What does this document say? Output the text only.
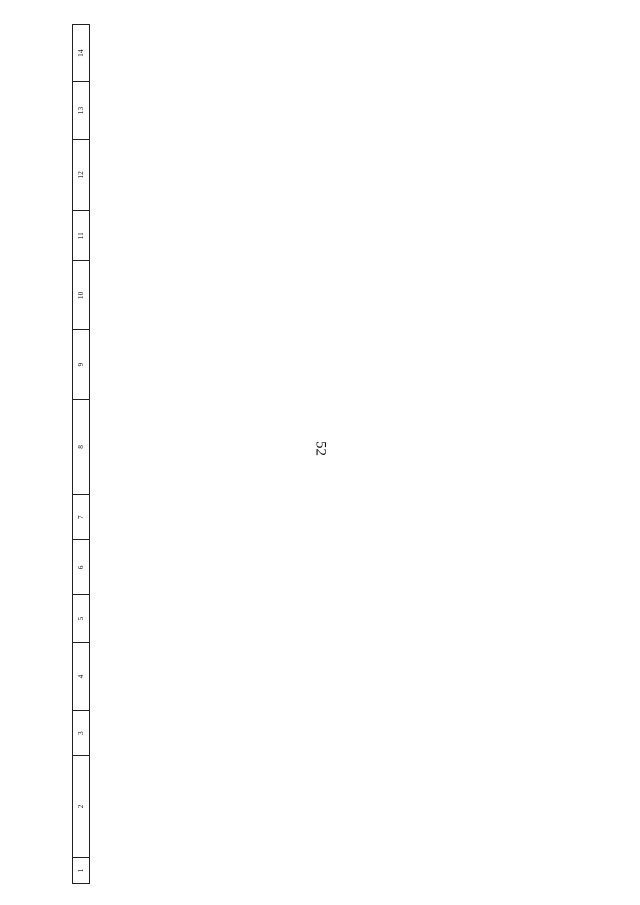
52
1	2	3	4	5	6	7	8	9	10	11	12	13	14
